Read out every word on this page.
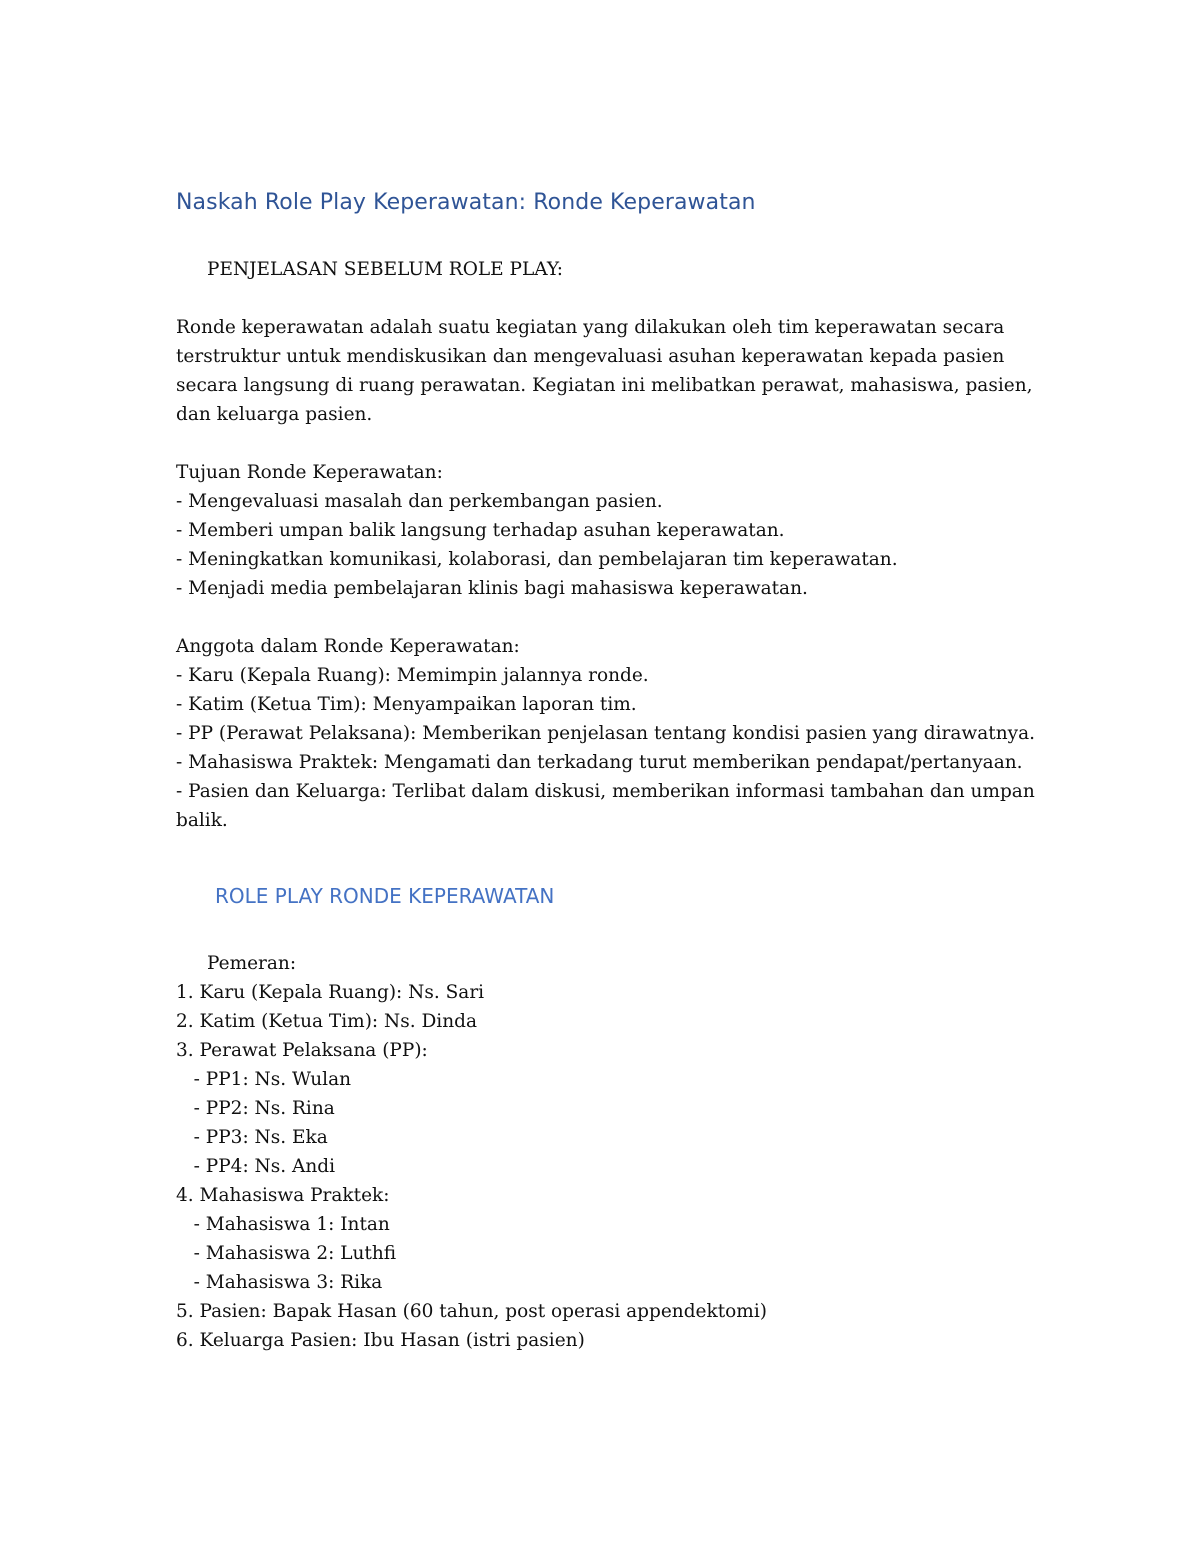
Naskah Role Play Keperawatan: Ronde Keperawatan
PENJELASAN SEBELUM ROLE PLAY:
Ronde keperawatan adalah suatu kegiatan yang dilakukan oleh tim keperawatan secara
terstruktur untuk mendiskusikan dan mengevaluasi asuhan keperawatan kepada pasien
secara langsung di ruang perawatan. Kegiatan ini melibatkan perawat, mahasiswa, pasien,
dan keluarga pasien.
Tujuan Ronde Keperawatan:
- Mengevaluasi masalah dan perkembangan pasien.
- Memberi umpan balik langsung terhadap asuhan keperawatan.
- Meningkatkan komunikasi, kolaborasi, dan pembelajaran tim keperawatan.
- Menjadi media pembelajaran klinis bagi mahasiswa keperawatan.
Anggota dalam Ronde Keperawatan:
- Karu (Kepala Ruang): Memimpin jalannya ronde.
- Katim (Ketua Tim): Menyampaikan laporan tim.
- PP (Perawat Pelaksana): Memberikan penjelasan tentang kondisi pasien yang dirawatnya.
- Mahasiswa Praktek: Mengamati dan terkadang turut memberikan pendapat/pertanyaan.
- Pasien dan Keluarga: Terlibat dalam diskusi, memberikan informasi tambahan dan umpan
balik.
ROLE PLAY RONDE KEPERAWATAN
Pemeran:
1. Karu (Kepala Ruang): Ns. Sari
2. Katim (Ketua Tim): Ns. Dinda
3. Perawat Pelaksana (PP):
- PP1: Ns. Wulan
- PP2: Ns. Rina
- PP3: Ns. Eka
- PP4: Ns. Andi
4. Mahasiswa Praktek:
- Mahasiswa 1: Intan
- Mahasiswa 2: Luthfi
- Mahasiswa 3: Rika
5. Pasien: Bapak Hasan (60 tahun, post operasi appendektomi)
6. Keluarga Pasien: Ibu Hasan (istri pasien)
